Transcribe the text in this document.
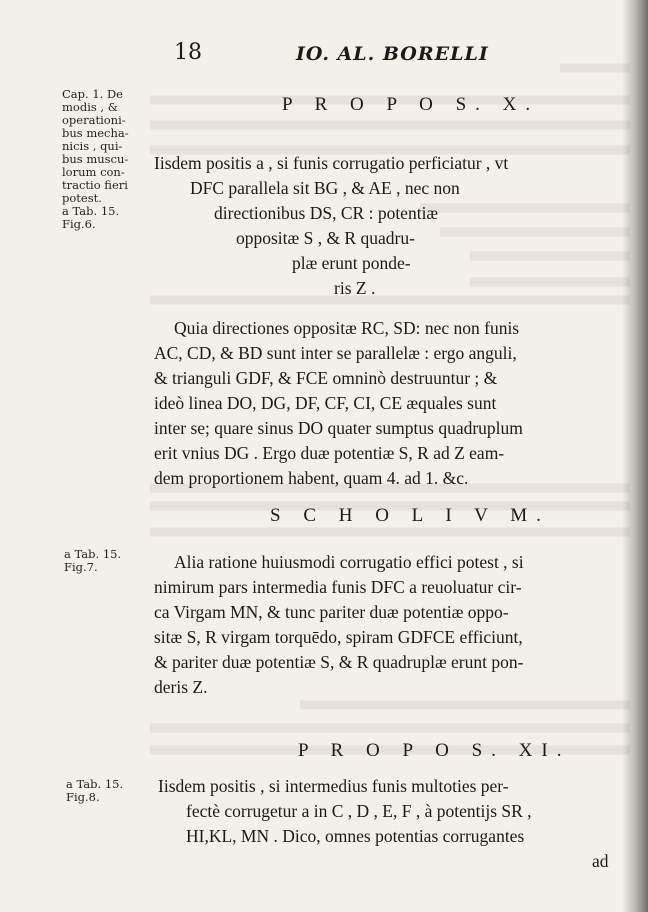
18	IO. AL. BORELLI
Cap. 1. De
modis , &
operationi-
bus mecha-
nicis , qui-
bus muscu-
lorum con-
tractio fieri
potest.
a Tab. 15.
Fig.6.
a Tab. 15.
Fig.7.
a Tab. 15.
Fig.8.
P R O P O S. X.
Iisdem positis a , si funis corrugatio perficiatur , vt
DFC parallela sit BG , & AE , nec non
directionibus DS, CR : potentiæ
oppositæ S , & R quadru-
plæ erunt ponde-
ris Z .
Quia directiones oppositæ RC, SD: nec non funis
AC, CD, & BD sunt inter se parallelæ : ergo anguli,
& trianguli GDF, & FCE omninò destruuntur ; &
ideò linea DO, DG, DF, CF, CI, CE æquales sunt
inter se; quare sinus DO quater sumptus quadruplum
erit vnius DG . Ergo duæ potentiæ S, R ad Z eam-
dem proportionem habent, quam 4. ad 1. &c.
S C H O L I V M.
Alia ratione huiusmodi corrugatio effici potest , si
nimirum pars intermedia funis DFC a reuoluatur cir-
ca Virgam MN, & tunc pariter duæ potentiæ oppo-
sitæ S, R virgam torquēdo, spiram GDFCE efficiunt,
& pariter duæ potentiæ S, & R quadruplæ erunt pon-
deris Z.
P R O P O S. XI.
Iisdem positis , si intermedius funis multoties per-
fectè corrugetur a in C , D , E, F , à potentijs SR ,
HI,KL, MN . Dico, omnes potentias corrugantes
ad
